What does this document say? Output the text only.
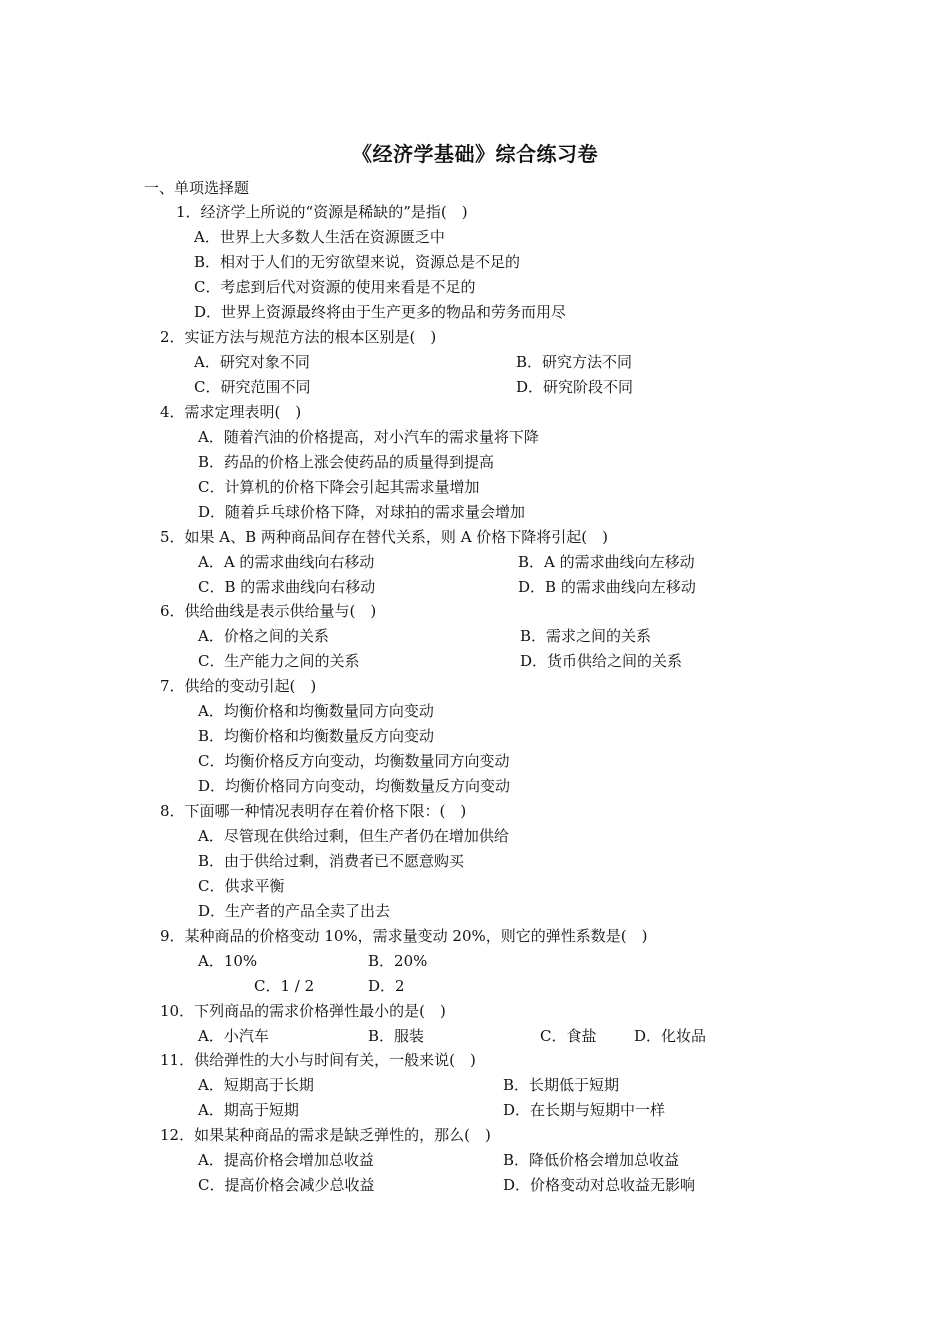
《经济学基础》综合练习卷
一、单项选择题
1．经济学上所说的“资源是稀缺的”是指(　)
A．世界上大多数人生活在资源匮乏中
B．相对于人们的无穷欲望来说，资源总是不足的
C．考虑到后代对资源的使用来看是不足的
D．世界上资源最终将由于生产更多的物品和劳务而用尽
2．实证方法与规范方法的根本区别是(　)
A．研究对象不同	B．研究方法不同
C．研究范围不同	D．研究阶段不同
4．需求定理表明(　)
A．随着汽油的价格提高，对小汽车的需求量将下降
B．药品的价格上涨会使药品的质量得到提高
C．计算机的价格下降会引起其需求量增加
D．随着乒乓球价格下降，对球拍的需求量会增加
5．如果 A、B 两种商品间存在替代关系，则 A 价格下降将引起(　)
A．A 的需求曲线向右移动	B．A 的需求曲线向左移动
C．B 的需求曲线向右移动	D．B 的需求曲线向左移动
6．供给曲线是表示供给量与(　)
A．价格之间的关系	B．需求之间的关系
C．生产能力之间的关系	D．货币供给之间的关系
7．供给的变动引起(　)
A．均衡价格和均衡数量同方向变动
B．均衡价格和均衡数量反方向变动
C．均衡价格反方向变动，均衡数量同方向变动
D．均衡价格同方向变动，均衡数量反方向变动
8．下面哪一种情况表明存在着价格下限：(　)
A．尽管现在供给过剩，但生产者仍在增加供给
B．由于供给过剩，消费者已不愿意购买
C．供求平衡
D．生产者的产品全卖了出去
9．某种商品的价格变动 10%，需求量变动 20%，则它的弹性系数是(　)
A．10%	B．20%
C．1 / 2	D．2
10．下列商品的需求价格弹性最小的是(　)
A．小汽车	B．服装	C．食盐	D．化妆品
11．供给弹性的大小与时间有关，一般来说(　)
A．短期高于长期	B．长期低于短期
A．期高于短期	D．在长期与短期中一样
12．如果某种商品的需求是缺乏弹性的，那么(　)
A．提高价格会增加总收益	B．降低价格会增加总收益
C．提高价格会减少总收益	D．价格变动对总收益无影响
